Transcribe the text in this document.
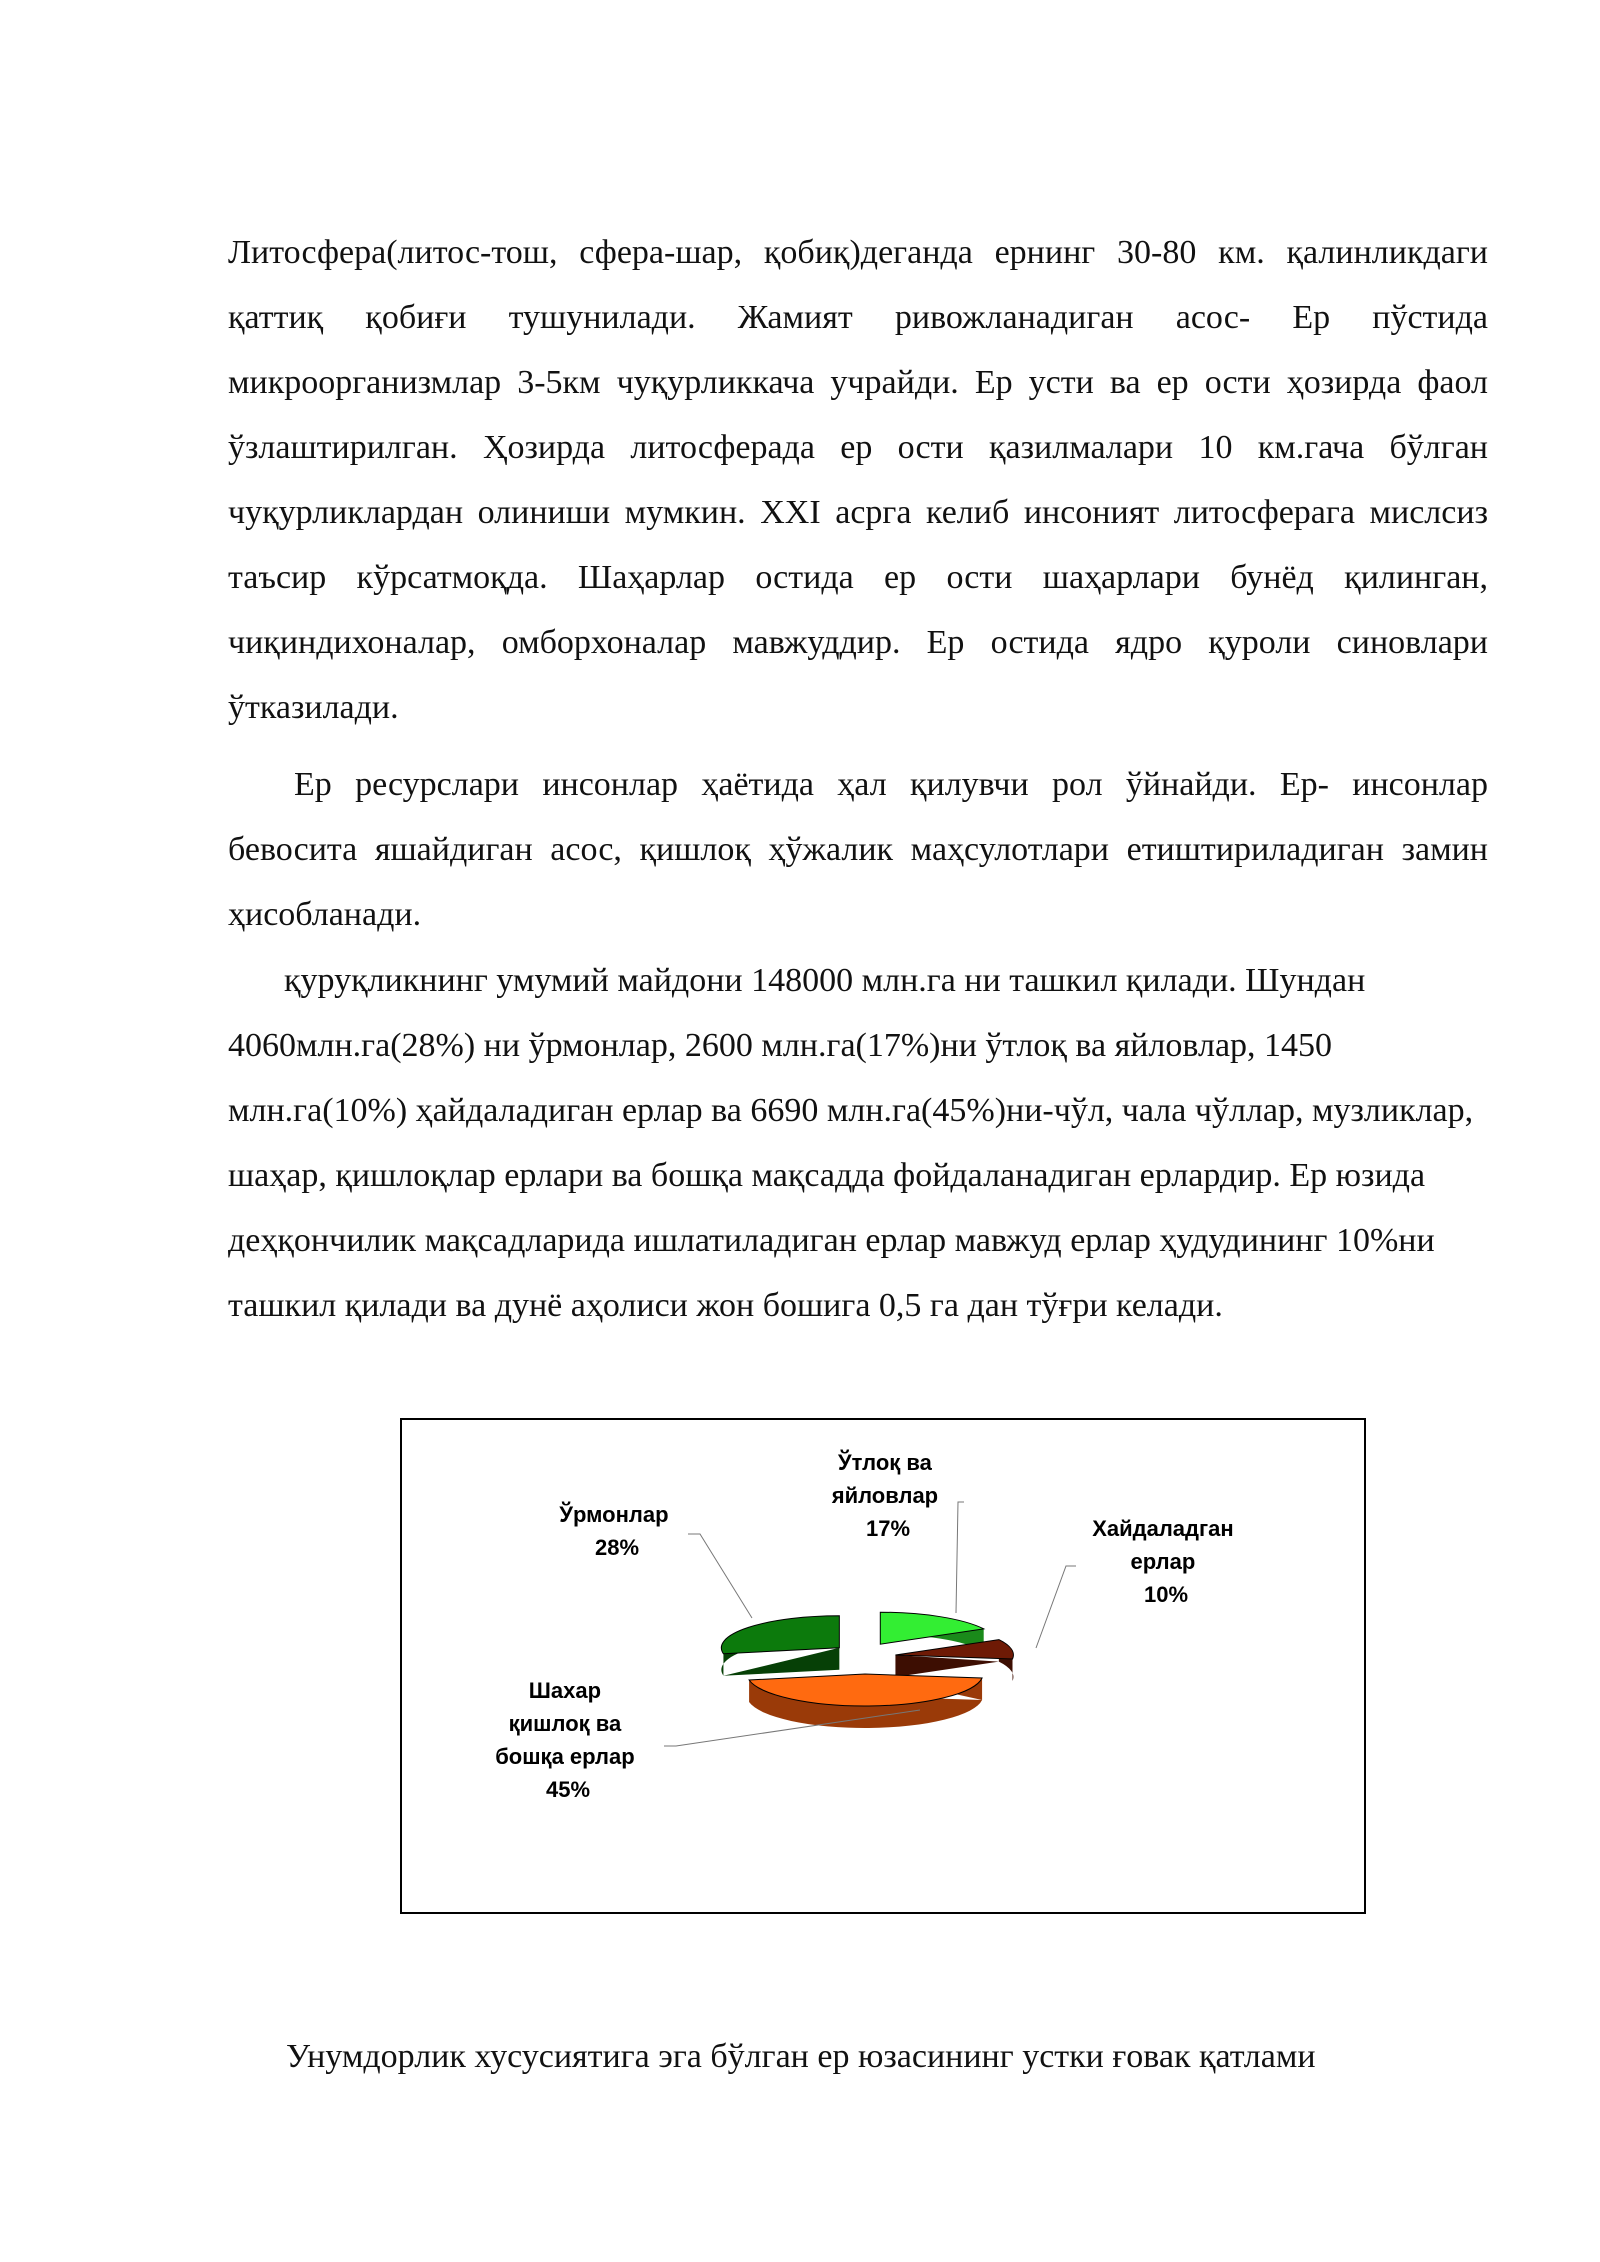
Литосфера(литос-тош, сфера-шар, қобиқ)деганда ернинг 30-80 км. қалинликдаги қаттиқ қобиғи тушунилади. Жамият ривожланадиган асос- Ер пўстида микроорганизмлар 3-5км чуқурликкача учрайди. Ер усти ва ер ости ҳозирда фаол ўзлаштирилган. Ҳозирда литосферада ер ости қазилмалари 10 км.гача бўлган чуқурликлардан олиниши мумкин. XXI асрга келиб инсоният литосферага мислсиз таъсир кўрсатмоқда. Шаҳарлар остида ер ости шаҳарлари бунёд қилинган, чиқиндихоналар, омборхоналар мавжуддир. Ер остида ядро қуроли синовлари ўтказилади.
Ер ресурслари инсонлар ҳаётида ҳал қилувчи рол ўйнайди. Ер- инсонлар бевосита яшайдиган асос, қишлоқ ҳўжалик маҳсулотлари етиштириладиган замин ҳисобланади.
қуруқликнинг умумий майдони 148000 млн.га ни ташкил қилади. Шундан 4060млн.га(28%) ни ўрмонлар, 2600 млн.га(17%)ни ўтлоқ ва яйловлар, 1450 млн.га(10%) ҳайдаладиган ерлар ва 6690 млн.га(45%)ни-чўл, чала чўллар, музликлар, шаҳар, қишлоқлар ерлари ва бошқа мақсадда фойдаланадиган ерлардир. Ер юзида деҳқончилик мақсадларида ишлатиладиган ерлар мавжуд ерлар ҳудудининг 10%ни ташкил қилади ва дунё аҳолиси жон бошига 0,5 га дан тўғри келади.
Ўрмонлар 28%
Ўтлоқ ва яйловлар 17%	Хайдаладган ерлар 10%
Шахар қишлоқ ва бошқа ерлар 45%
Унумдорлик хусусиятига эга бўлган ер юзасининг устки ғовак қатлами
